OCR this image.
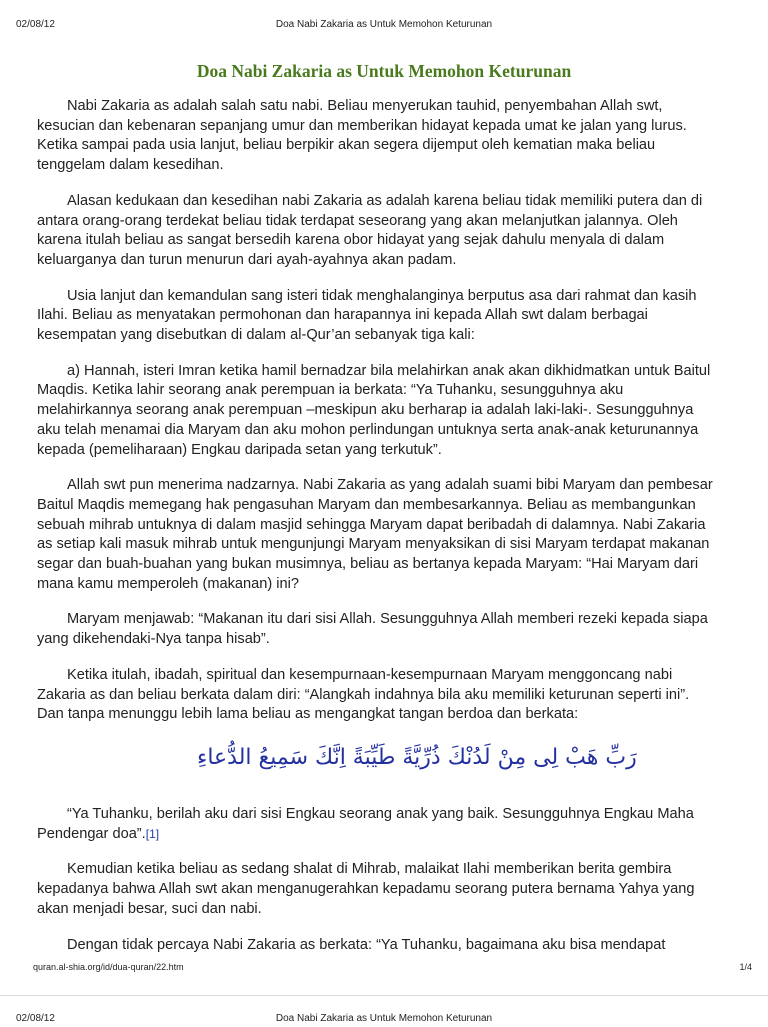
02/08/12	Doa Nabi Zakaria as Untuk Memohon Keturunan
Doa Nabi Zakaria as Untuk Memohon Keturunan

Nabi Zakaria as adalah salah satu nabi. Beliau menyerukan tauhid, penyembahan Allah swt, kesucian dan kebenaran sepanjang umur dan memberikan hidayat kepada umat ke jalan yang lurus. Ketika sampai pada usia lanjut, beliau berpikir akan segera dijemput oleh kematian maka beliau tenggelam dalam kesedihan.

Alasan kedukaan dan kesedihan nabi Zakaria as adalah karena beliau tidak memiliki putera dan di antara orang-orang terdekat beliau tidak terdapat seseorang yang akan melanjutkan jalannya. Oleh karena itulah beliau as sangat bersedih karena obor hidayat yang sejak dahulu menyala di dalam keluarganya dan turun menurun dari ayah-ayahnya akan padam.

Usia lanjut dan kemandulan sang isteri tidak menghalanginya berputus asa dari rahmat dan kasih Ilahi. Beliau as menyatakan permohonan dan harapannya ini kepada Allah swt dalam berbagai kesempatan yang disebutkan di dalam al-Qur’an sebanyak tiga kali:

a) Hannah, isteri Imran ketika hamil bernadzar bila melahirkan anak akan dikhidmatkan untuk Baitul Maqdis. Ketika lahir seorang anak perempuan ia berkata: “Ya Tuhanku, sesungguhnya aku melahirkannya seorang anak perempuan –meskipun aku berharap ia adalah laki-laki-. Sesungguhnya aku telah menamai dia Maryam dan aku mohon perlindungan untuknya serta anak-anak keturunannya kepada (pemeliharaan) Engkau daripada setan yang terkutuk”.

Allah swt pun menerima nadzarnya. Nabi Zakaria as yang adalah suami bibi Maryam dan pembesar Baitul Maqdis memegang hak pengasuhan Maryam dan membesarkannya. Beliau as membangunkan sebuah mihrab untuknya di dalam masjid sehingga Maryam dapat beribadah di dalamnya. Nabi Zakaria as setiap kali masuk mihrab untuk mengunjungi Maryam menyaksikan di sisi Maryam terdapat makanan segar dan buah-buahan yang bukan musimnya, beliau as bertanya kepada Maryam: “Hai Maryam dari mana kamu memperoleh (makanan) ini?

Maryam menjawab: “Makanan itu dari sisi Allah. Sesungguhnya Allah memberi rezeki kepada siapa yang dikehendaki-Nya tanpa hisab”.

Ketika itulah, ibadah, spiritual dan kesempurnaan-kesempurnaan Maryam menggoncang nabi Zakaria as dan beliau berkata dalam diri: “Alangkah indahnya bila aku memiliki keturunan seperti ini”. Dan tanpa menunggu lebih lama beliau as mengangkat tangan berdoa dan berkata:

رَبِّ هَبْ لِى مِنْ لَدُنْكَ ذُرِّيَّةً طَيِّبَةً اِنَّكَ سَمِيعُ الدُّعاءِ

“Ya Tuhanku, berilah aku dari sisi Engkau seorang anak yang baik. Sesungguhnya Engkau Maha Pendengar doa”.[1]

Kemudian ketika beliau as sedang shalat di Mihrab, malaikat Ilahi memberikan berita gembira kepadanya bahwa Allah swt akan menganugerahkan kepadamu seorang putera bernama Yahya yang akan menjadi besar, suci dan nabi.

Dengan tidak percaya Nabi Zakaria as berkata: “Ya Tuhanku, bagaimana aku bisa mendapat

quran.al-shia.org/id/dua-quran/22.htm	1/4
02/08/12	Doa Nabi Zakaria as Untuk Memohon Keturunan
